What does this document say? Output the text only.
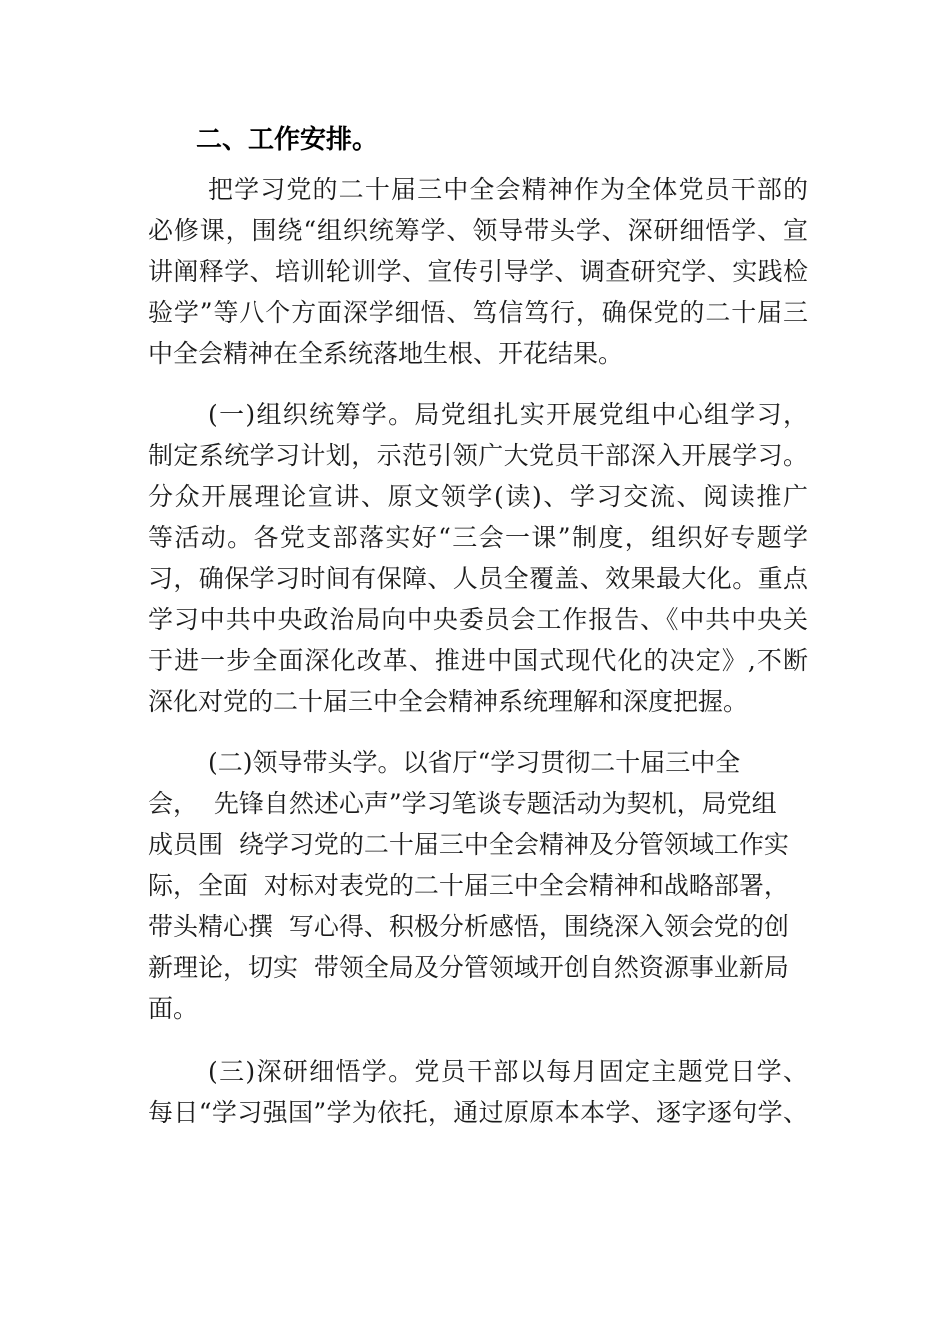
二、工作安排。
把学习党的二十届三中全会精神作为全体党员干部的
必修课，围绕“组织统筹学、领导带头学、深研细悟学、宣
讲阐释学、培训轮训学、宣传引导学、调查研究学、实践检
验学”等八个方面深学细悟、笃信笃行，确保党的二十届三
中全会精神在全系统落地生根、开花结果。
(一)组织统筹学。局党组扎实开展党组中心组学习，
制定系统学习计划，示范引领广大党员干部深入开展学习。
分众开展理论宣讲、原文领学(读)、学习交流、阅读推广
等活动。各党支部落实好“三会一课”制度，组织好专题学
习，确保学习时间有保障、人员全覆盖、效果最大化。重点
学习中共中央政治局向中央委员会工作报告、《中共中央关
于进一步全面深化改革、推进中国式现代化的决定》,不断
深化对党的二十届三中全会精神系统理解和深度把握。
(二)领导带头学。以省厅“学习贯彻二十届三中全
会，  先锋自然述心声”学习笔谈专题活动为契机，局党组
成员围  绕学习党的二十届三中全会精神及分管领域工作实
际，全面  对标对表党的二十届三中全会精神和战略部署，
带头精心撰  写心得、积极分析感悟，围绕深入领会党的创
新理论，切实  带领全局及分管领域开创自然资源事业新局
面。
(三)深研细悟学。党员干部以每月固定主题党日学、
每日“学习强国”学为依托，通过原原本本学、逐字逐句学、
